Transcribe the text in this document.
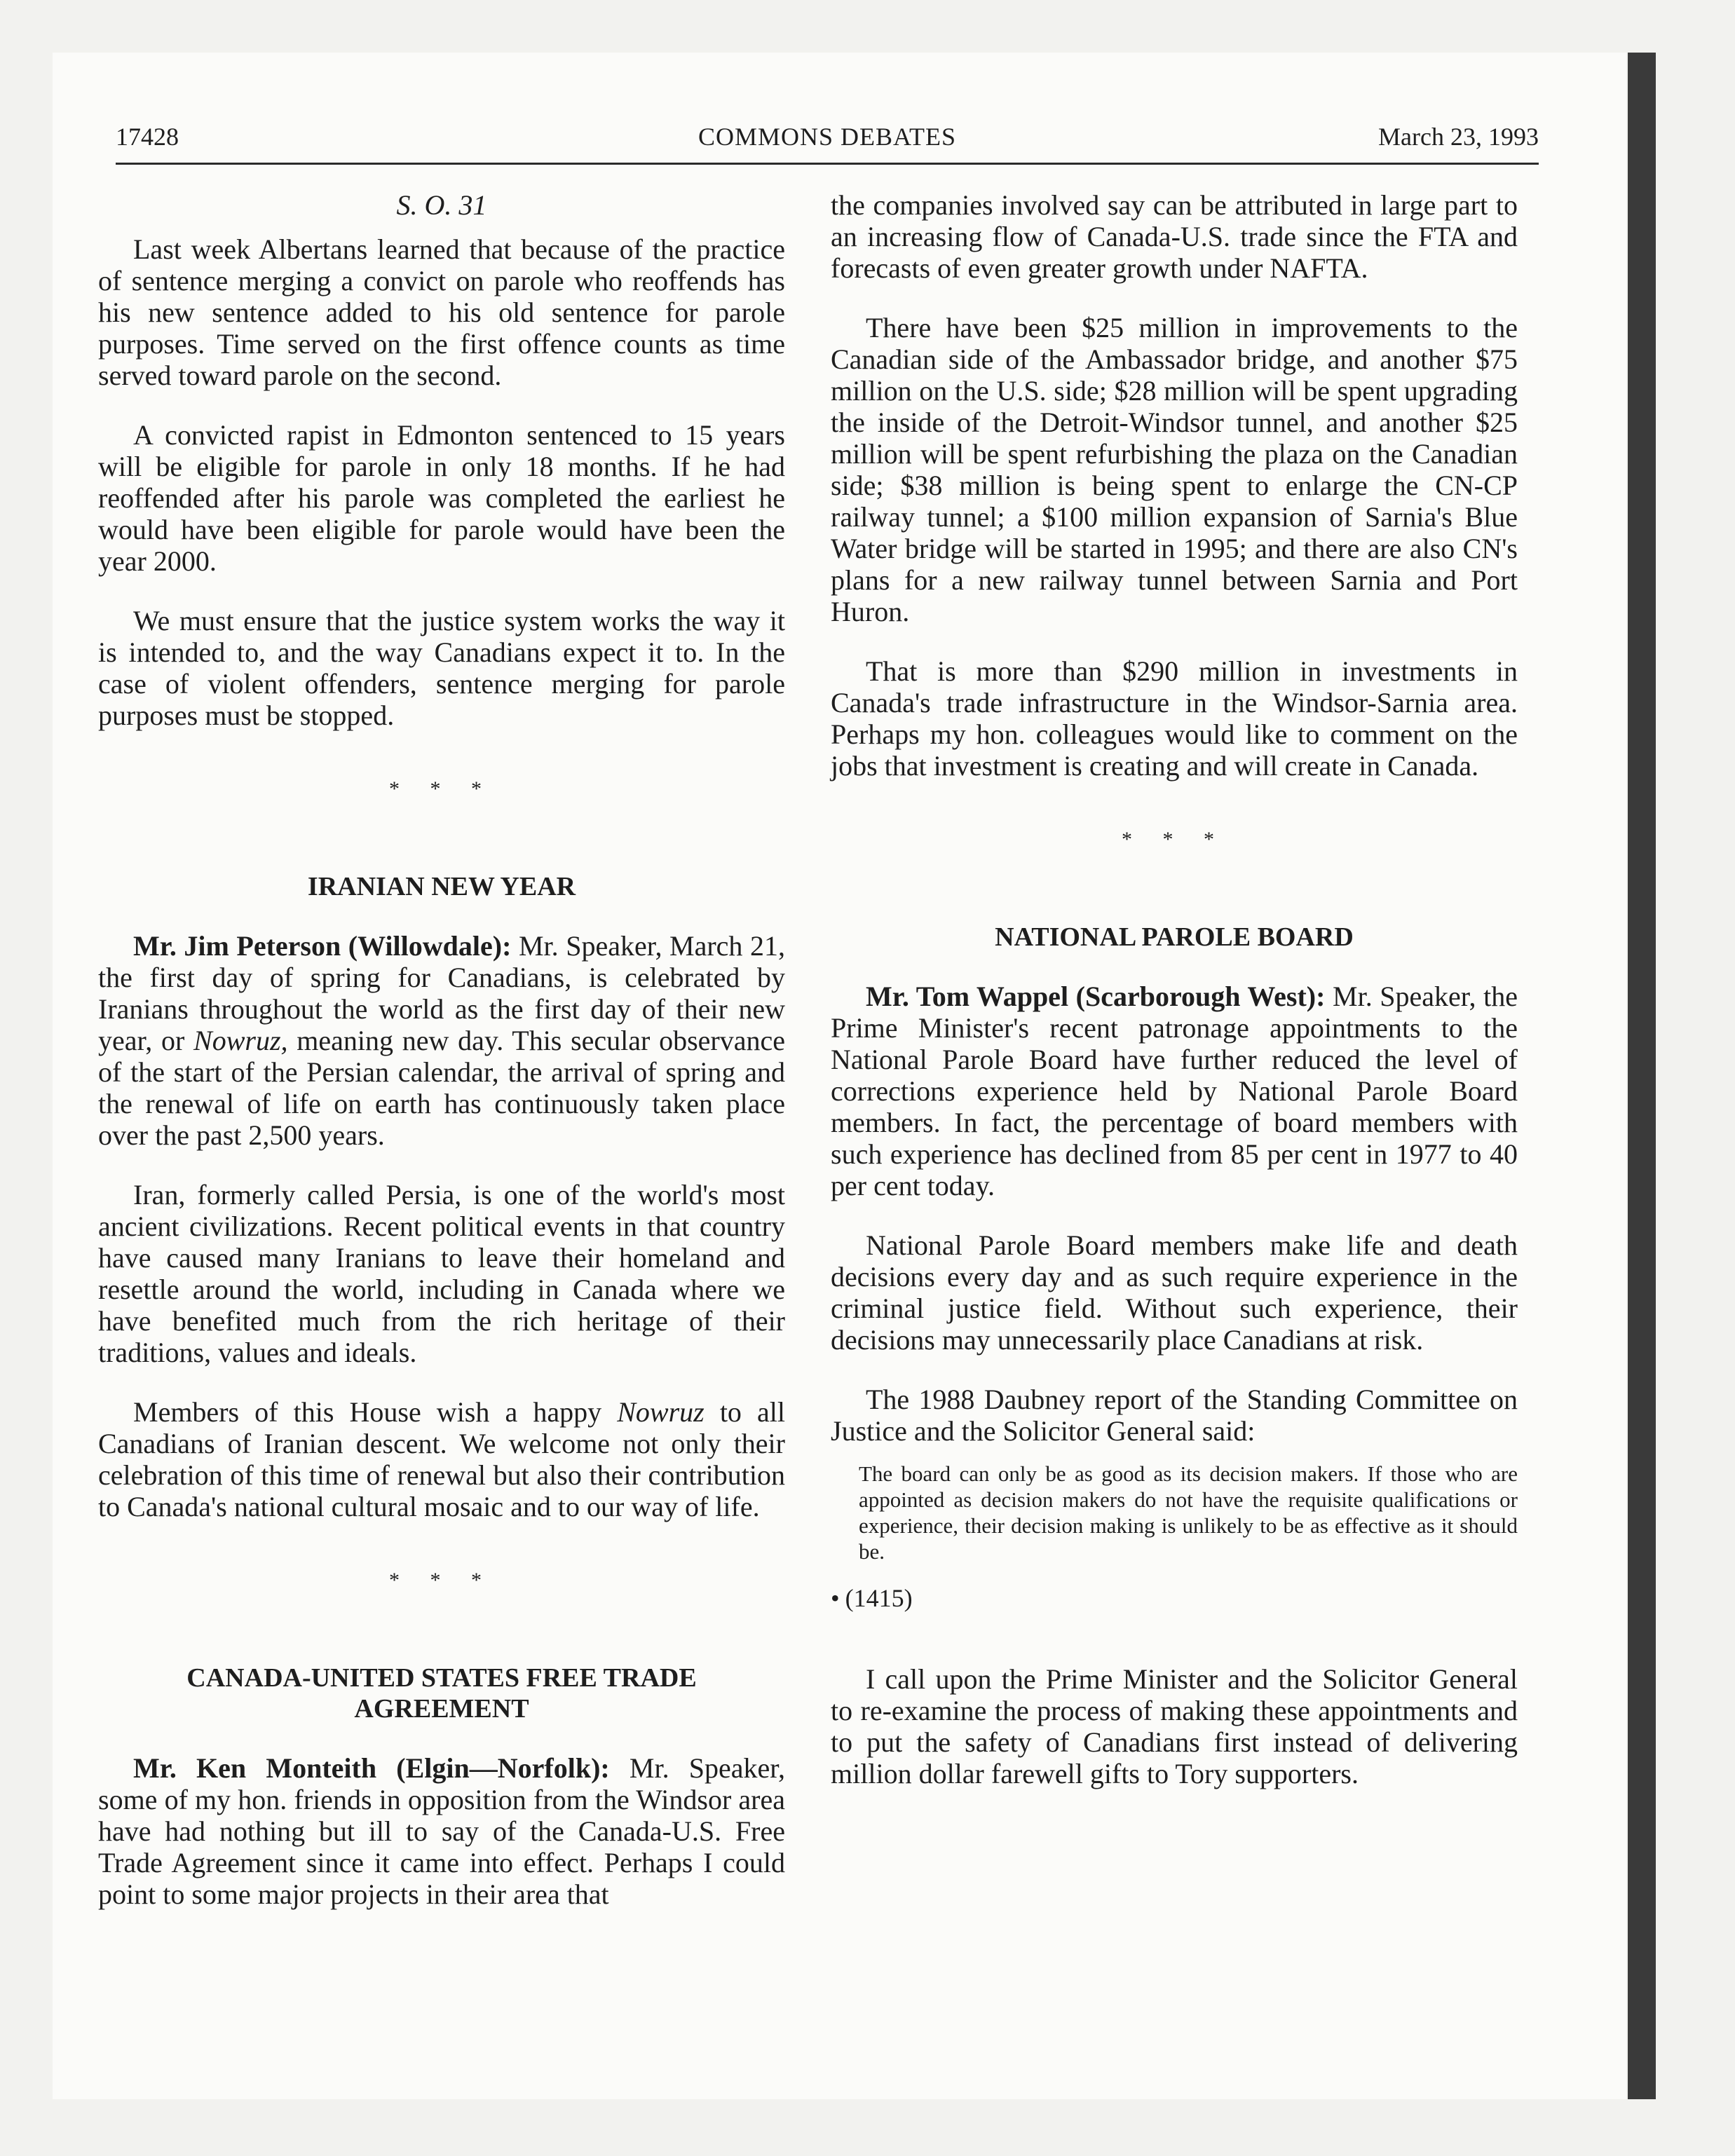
17428	COMMONS DEBATES	March 23, 1993
S. O. 31

Last week Albertans learned that because of the practice of sentence merging a convict on parole who reoffends has his new sentence added to his old sentence for parole purposes. Time served on the first offence counts as time served toward parole on the second.

A convicted rapist in Edmonton sentenced to 15 years will be eligible for parole in only 18 months. If he had reoffended after his parole was completed the earliest he would have been eligible for parole would have been the year 2000.

We must ensure that the justice system works the way it is intended to, and the way Canadians expect it to. In the case of violent offenders, sentence merging for parole purposes must be stopped.

* * *
IRANIAN NEW YEAR

Mr. Jim Peterson (Willowdale): Mr. Speaker, March 21, the first day of spring for Canadians, is celebrated by Iranians throughout the world as the first day of their new year, or Nowruz, meaning new day. This secular observance of the start of the Persian calendar, the arrival of spring and the renewal of life on earth has continuously taken place over the past 2,500 years.

Iran, formerly called Persia, is one of the world's most ancient civilizations. Recent political events in that country have caused many Iranians to leave their homeland and resettle around the world, including in Canada where we have benefited much from the rich heritage of their traditions, values and ideals.

Members of this House wish a happy Nowruz to all Canadians of Iranian descent. We welcome not only their celebration of this time of renewal but also their contribution to Canada's national cultural mosaic and to our way of life.

* * *
CANADA-UNITED STATES FREE TRADE AGREEMENT

Mr. Ken Monteith (Elgin—Norfolk): Mr. Speaker, some of my hon. friends in opposition from the Windsor area have had nothing but ill to say of the Canada-U.S. Free Trade Agreement since it came into effect. Perhaps I could point to some major projects in their area that

the companies involved say can be attributed in large part to an increasing flow of Canada-U.S. trade since the FTA and forecasts of even greater growth under NAFTA.

There have been $25 million in improvements to the Canadian side of the Ambassador bridge, and another $75 million on the U.S. side; $28 million will be spent upgrading the inside of the Detroit-Windsor tunnel, and another $25 million will be spent refurbishing the plaza on the Canadian side; $38 million is being spent to enlarge the CN-CP railway tunnel; a $100 million expansion of Sarnia's Blue Water bridge will be started in 1995; and there are also CN's plans for a new railway tunnel between Sarnia and Port Huron.

That is more than $290 million in investments in Canada's trade infrastructure in the Windsor-Sarnia area. Perhaps my hon. colleagues would like to comment on the jobs that investment is creating and will create in Canada.

* * *
NATIONAL PAROLE BOARD

Mr. Tom Wappel (Scarborough West): Mr. Speaker, the Prime Minister's recent patronage appointments to the National Parole Board have further reduced the level of corrections experience held by National Parole Board members. In fact, the percentage of board members with such experience has declined from 85 per cent in 1977 to 40 per cent today.

National Parole Board members make life and death decisions every day and as such require experience in the criminal justice field. Without such experience, their decisions may unnecessarily place Canadians at risk.

The 1988 Daubney report of the Standing Committee on Justice and the Solicitor General said:

The board can only be as good as its decision makers. If those who are appointed as decision makers do not have the requisite qualifications or experience, their decision making is unlikely to be as effective as it should be.
• (1415)

I call upon the Prime Minister and the Solicitor General to re-examine the process of making these appointments and to put the safety of Canadians first instead of delivering million dollar farewell gifts to Tory supporters.
